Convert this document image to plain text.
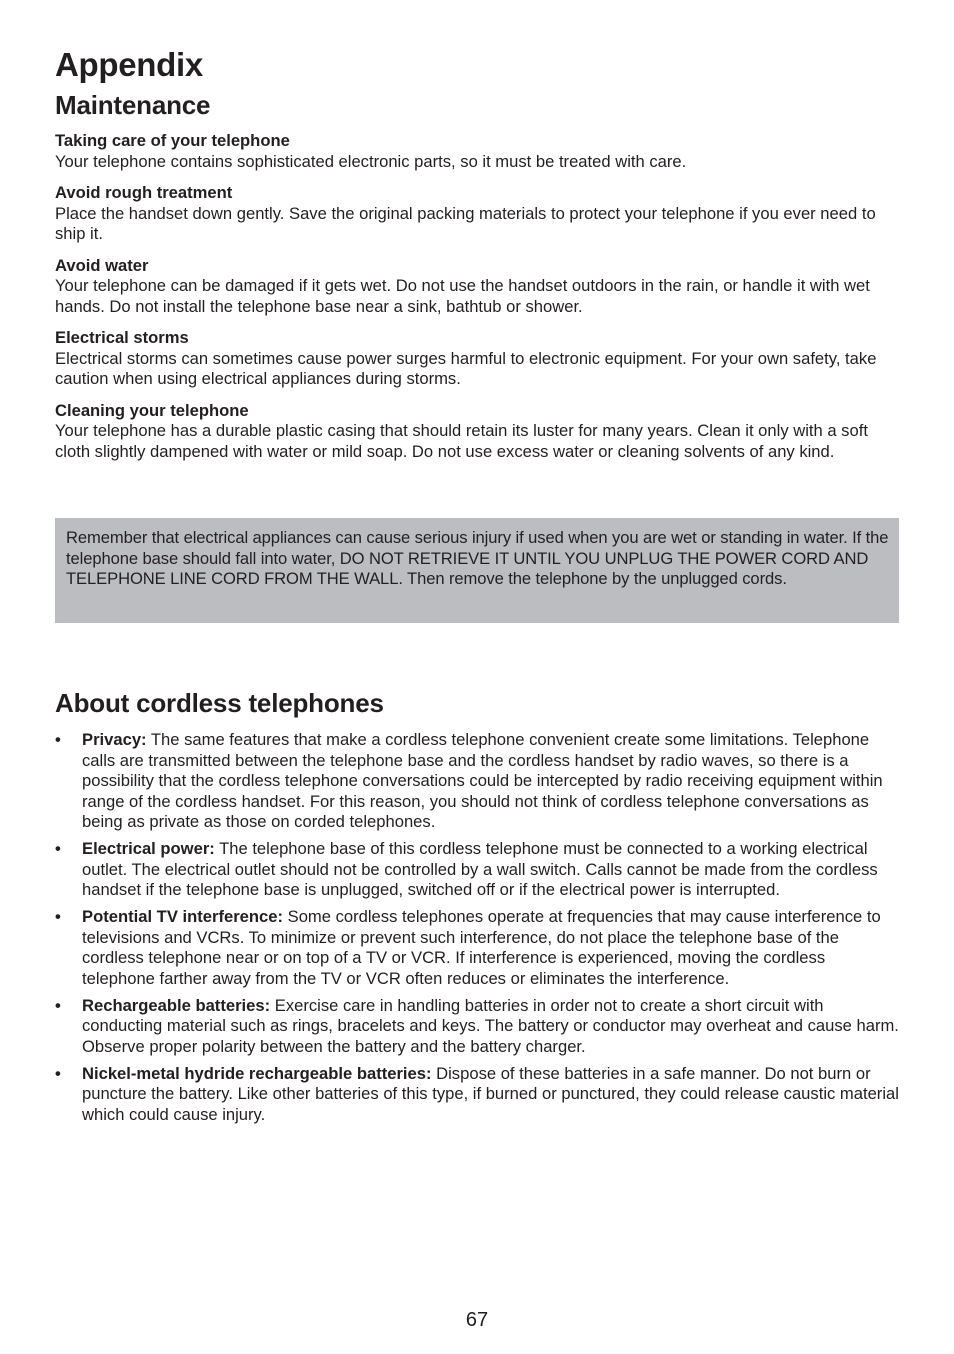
Appendix
Maintenance

Taking care of your telephone

Your telephone contains sophisticated electronic parts, so it must be treated with care.

Avoid rough treatment

Place the handset down gently. Save the original packing materials to protect your telephone if you ever need to ship it.

Avoid water

Your telephone can be damaged if it gets wet. Do not use the handset outdoors in the rain, or handle it with wet hands. Do not install the telephone base near a sink, bathtub or shower.

Electrical storms

Electrical storms can sometimes cause power surges harmful to electronic equipment. For your own safety, take caution when using electrical appliances during storms.

Cleaning your telephone

Your telephone has a durable plastic casing that should retain its luster for many years. Clean it only with a soft cloth slightly dampened with water or mild soap. Do not use excess water or cleaning solvents of any kind.

Remember that electrical appliances can cause serious injury if used when you are wet or standing in water. If the telephone base should fall into water, DO NOT RETRIEVE IT UNTIL YOU UNPLUG THE POWER CORD AND TELEPHONE LINE CORD FROM THE WALL. Then remove the telephone by the unplugged cords.

About cordless telephones
• Privacy: The same features that make a cordless telephone convenient create some limitations. Telephone calls are transmitted between the telephone base and the cordless handset by radio waves, so there is a possibility that the cordless telephone conversations could be intercepted by radio receiving equipment within range of the cordless handset. For this reason, you should not think of cordless telephone conversations as being as private as those on corded telephones.
• Electrical power: The telephone base of this cordless telephone must be connected to a working electrical outlet. The electrical outlet should not be controlled by a wall switch. Calls cannot be made from the cordless handset if the telephone base is unplugged, switched off or if the electrical power is interrupted.
• Potential TV interference: Some cordless telephones operate at frequencies that may cause interference to televisions and VCRs. To minimize or prevent such interference, do not place the telephone base of the cordless telephone near or on top of a TV or VCR. If interference is experienced, moving the cordless telephone farther away from the TV or VCR often reduces or eliminates the interference.
• Rechargeable batteries: Exercise care in handling batteries in order not to create a short circuit with conducting material such as rings, bracelets and keys. The battery or conductor may overheat and cause harm. Observe proper polarity between the battery and the battery charger.
• Nickel-metal hydride rechargeable batteries: Dispose of these batteries in a safe manner. Do not burn or puncture the battery. Like other batteries of this type, if burned or punctured, they could release caustic material which could cause injury.
67
